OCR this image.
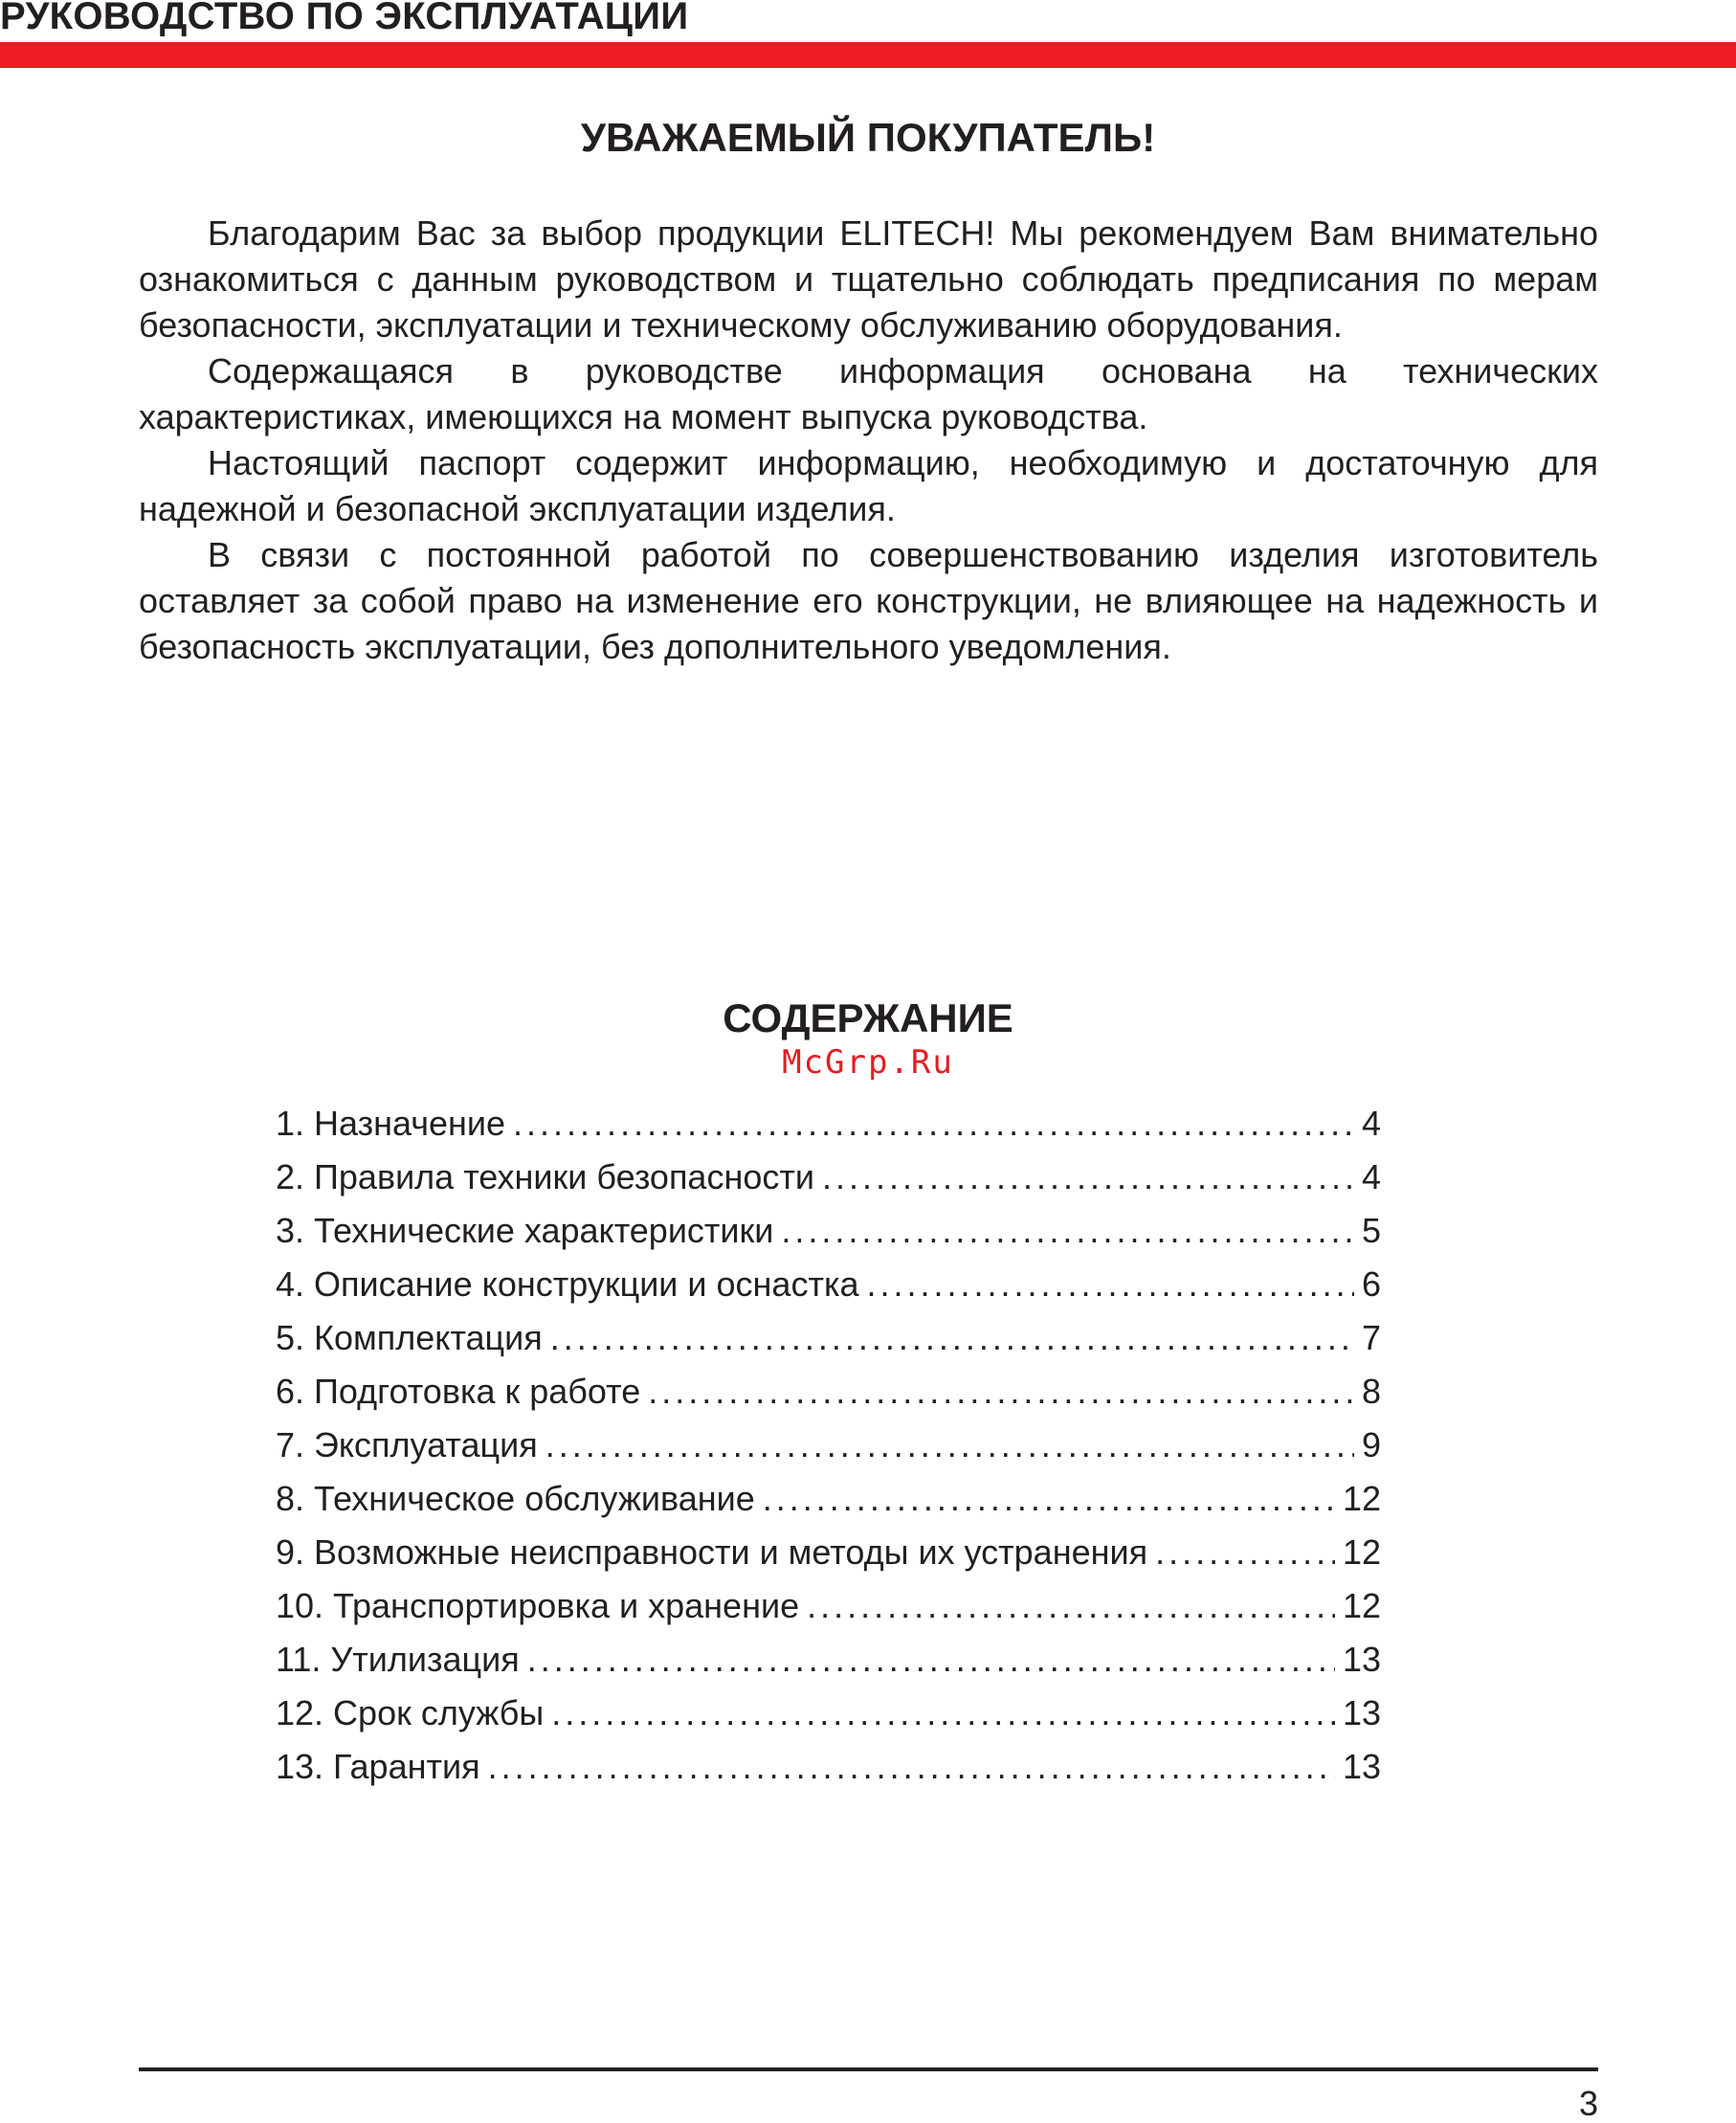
РУКОВОДСТВО ПО ЭКСПЛУАТАЦИИ
УВАЖАЕМЫЙ ПОКУПАТЕЛЬ!

Благодарим Вас за выбор продукции ELITECH! Мы рекомендуем Вам внимательно ознакомиться с данным руководством и тщательно соблюдать предписания по мерам безопасности, эксплуатации и техническому обслуживанию оборудования.

Содержащаяся в руководстве информация основана на технических характеристиках, имеющихся на момент выпуска руководства.

Настоящий паспорт содержит информацию, необходимую и достаточную для надежной и безопасной эксплуатации изделия.

В связи с постоянной работой по совершенствованию изделия изготовитель оставляет за собой право на изменение его конструкции, не влияющее на надежность и безопасность эксплуатации, без дополнительного уведомления.

СОДЕРЖАНИЕ
McGrp.Ru
1. Назначение .....	4
2. Правила техники безопасности .....	4
3. Технические характеристики .....	5
4. Описание конструкции и оснастка .....	6
5. Комплектация .....	7
6. Подготовка к работе .....	8
7. Эксплуатация .....	9
8. Техническое обслуживание .....	12
9. Возможные неисправности и методы их устранения .....	12
10. Транспортировка и хранение .....	12
11. Утилизация .....	13
12. Срок службы .....	13
13. Гарантия .....	13
3
